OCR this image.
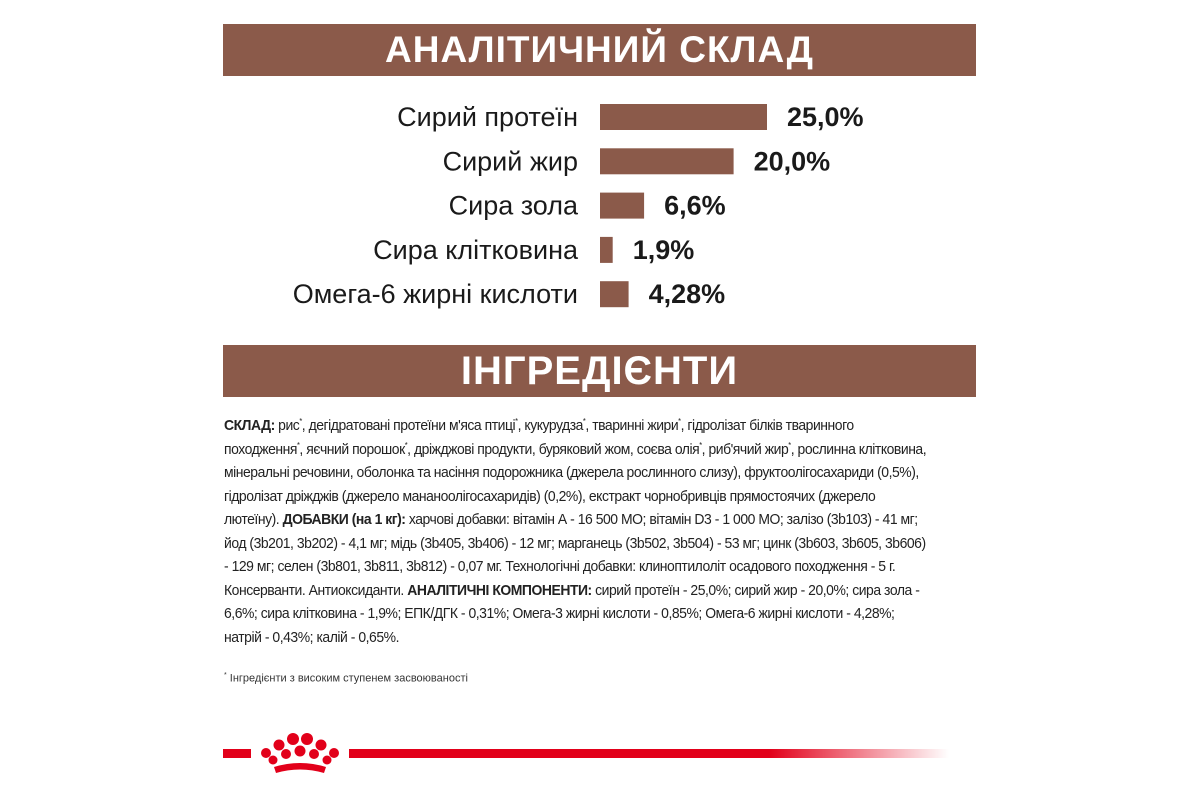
АНАЛІТИЧНИЙ СКЛАД
Сирий протеїн	25,0%
Сирий жир	20,0%
Сира зола	6,6%
Сира клітковина 1,9%
Омега-6 жирні кислоти	4,28%
ІНГРЕДІЄНТИ

СКЛАД: рис*, дегідратовані протеїни м'яса птиці*, кукурудза*, тваринні жири*, гідролізат білків тваринного походження*, яєчний порошок*, дріжджові продукти, буряковий жом, соєва олія*, риб'ячий жир*, рослинна клітковина, мінеральні речовини, оболонка та насіння подорожника (джерела рослинного слизу), фруктоолігосахариди (0,5%), гідролізат дріжджів (джерело мананоолігосахаридів) (0,2%), екстракт чорнобривців прямостоячих (джерело лютеїну). ДОБАВКИ (на 1 кг): харчові добавки: вітамін А - 16 500 МО; вітамін D3 - 1 000 МО; залізо (3b103) - 41 мг; йод (3b201, 3b202) - 4,1 мг; мідь (3b405, 3b406) - 12 мг; марганець (3b502, 3b504) - 53 мг; цинк (3b603, 3b605, 3b606) - 129 мг; селен (3b801, 3b811, 3b812) - 0,07 мг. Технологічні добавки: клиноптилоліт осадового походження - 5 г. Консерванти. Антиоксиданти. АНАЛІТИЧНІ КОМПОНЕНТИ: сирий протеїн - 25,0%; сирий жир - 20,0%; сира зола - 6,6%; сира клітковина - 1,9%; ЕПК/ДГК - 0,31%; Омега-3 жирні кислоти - 0,85%; Омега-6 жирні кислоти - 4,28%; натрій - 0,43%; калій - 0,65%.

* Інгредієнти з високим ступенем засвоюваності
